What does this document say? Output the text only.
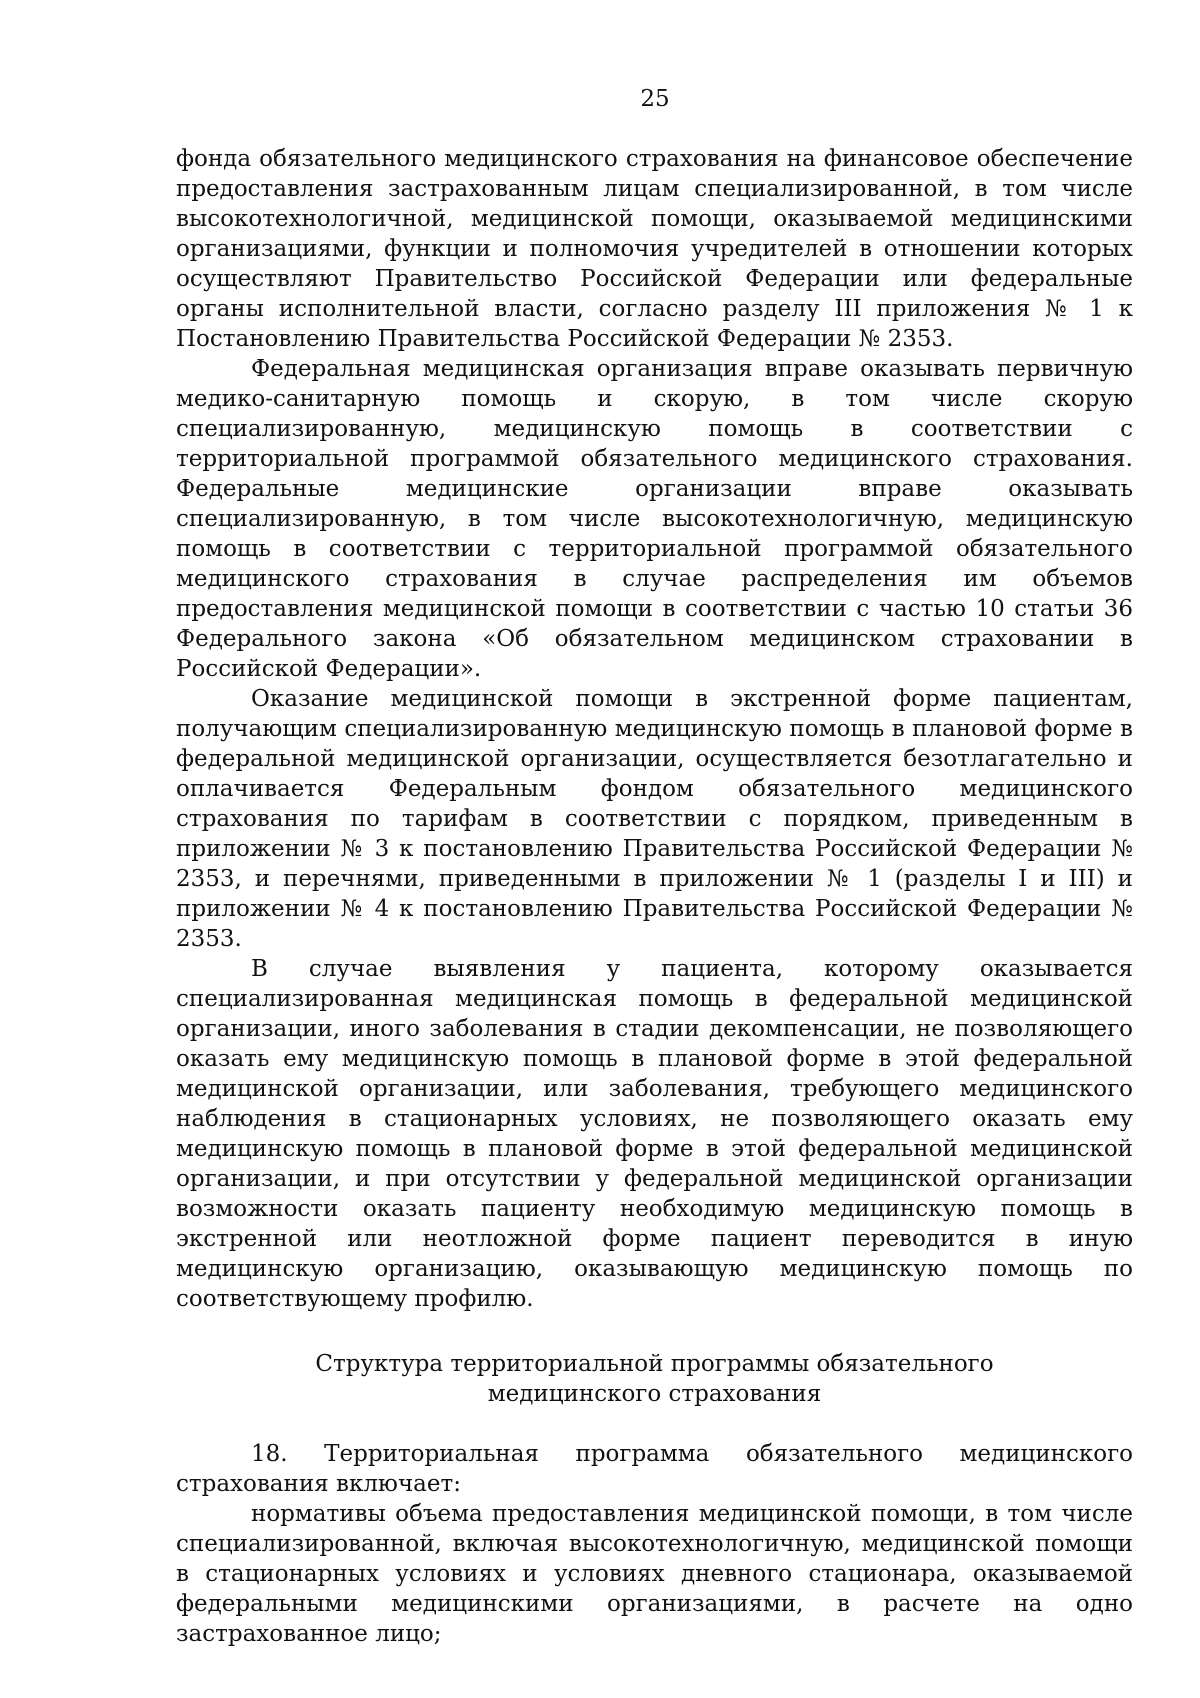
25

фонда обязательного медицинского страхования на финансовое обеспечение предоставления застрахованным лицам специализированной, в том числе высокотехнологичной, медицинской помощи, оказываемой медицинскими организациями, функции и полномочия учредителей в отношении которых осуществляют Правительство Российской Федерации или федеральные органы исполнительной власти, согласно разделу III приложения № 1 к Постановлению Правительства Российской Федерации № 2353.

Федеральная медицинская организация вправе оказывать первичную медико-санитарную помощь и скорую, в том числе скорую специализированную, медицинскую помощь в соответствии с территориальной программой обязательного медицинского страхования. Федеральные медицинские организации вправе оказывать специализированную, в том числе высокотехнологичную, медицинскую помощь в соответствии с территориальной программой обязательного медицинского страхования в случае распределения им объемов предоставления медицинской помощи в соответствии с частью 10 статьи 36 Федерального закона «Об обязательном медицинском страховании в Российской Федерации».

Оказание медицинской помощи в экстренной форме пациентам, получающим специализированную медицинскую помощь в плановой форме в федеральной медицинской организации, осуществляется безотлагательно и оплачивается Федеральным фондом обязательного медицинского страхования по тарифам в соответствии с порядком, приведенным в приложении № 3 к постановлению Правительства Российской Федерации № 2353, и перечнями, приведенными в приложении № 1 (разделы I и III) и приложении № 4 к постановлению Правительства Российской Федерации № 2353.

В случае выявления у пациента, которому оказывается специализированная медицинская помощь в федеральной медицинской организации, иного заболевания в стадии декомпенсации, не позволяющего оказать ему медицинскую помощь в плановой форме в этой федеральной медицинской организации, или заболевания, требующего медицинского наблюдения в стационарных условиях, не позволяющего оказать ему медицинскую помощь в плановой форме в этой федеральной медицинской организации, и при отсутствии у федеральной медицинской организации возможности оказать пациенту необходимую медицинскую помощь в экстренной или неотложной форме пациент переводится в иную медицинскую организацию, оказывающую медицинскую помощь по соответствующему профилю.

Структура территориальной программы обязательного
медицинского страхования

18. Территориальная программа обязательного медицинского страхования включает:

нормативы объема предоставления медицинской помощи, в том числе специализированной, включая высокотехнологичную, медицинской помощи в стационарных условиях и условиях дневного стационара, оказываемой федеральными медицинскими организациями, в расчете на одно застрахованное лицо;
